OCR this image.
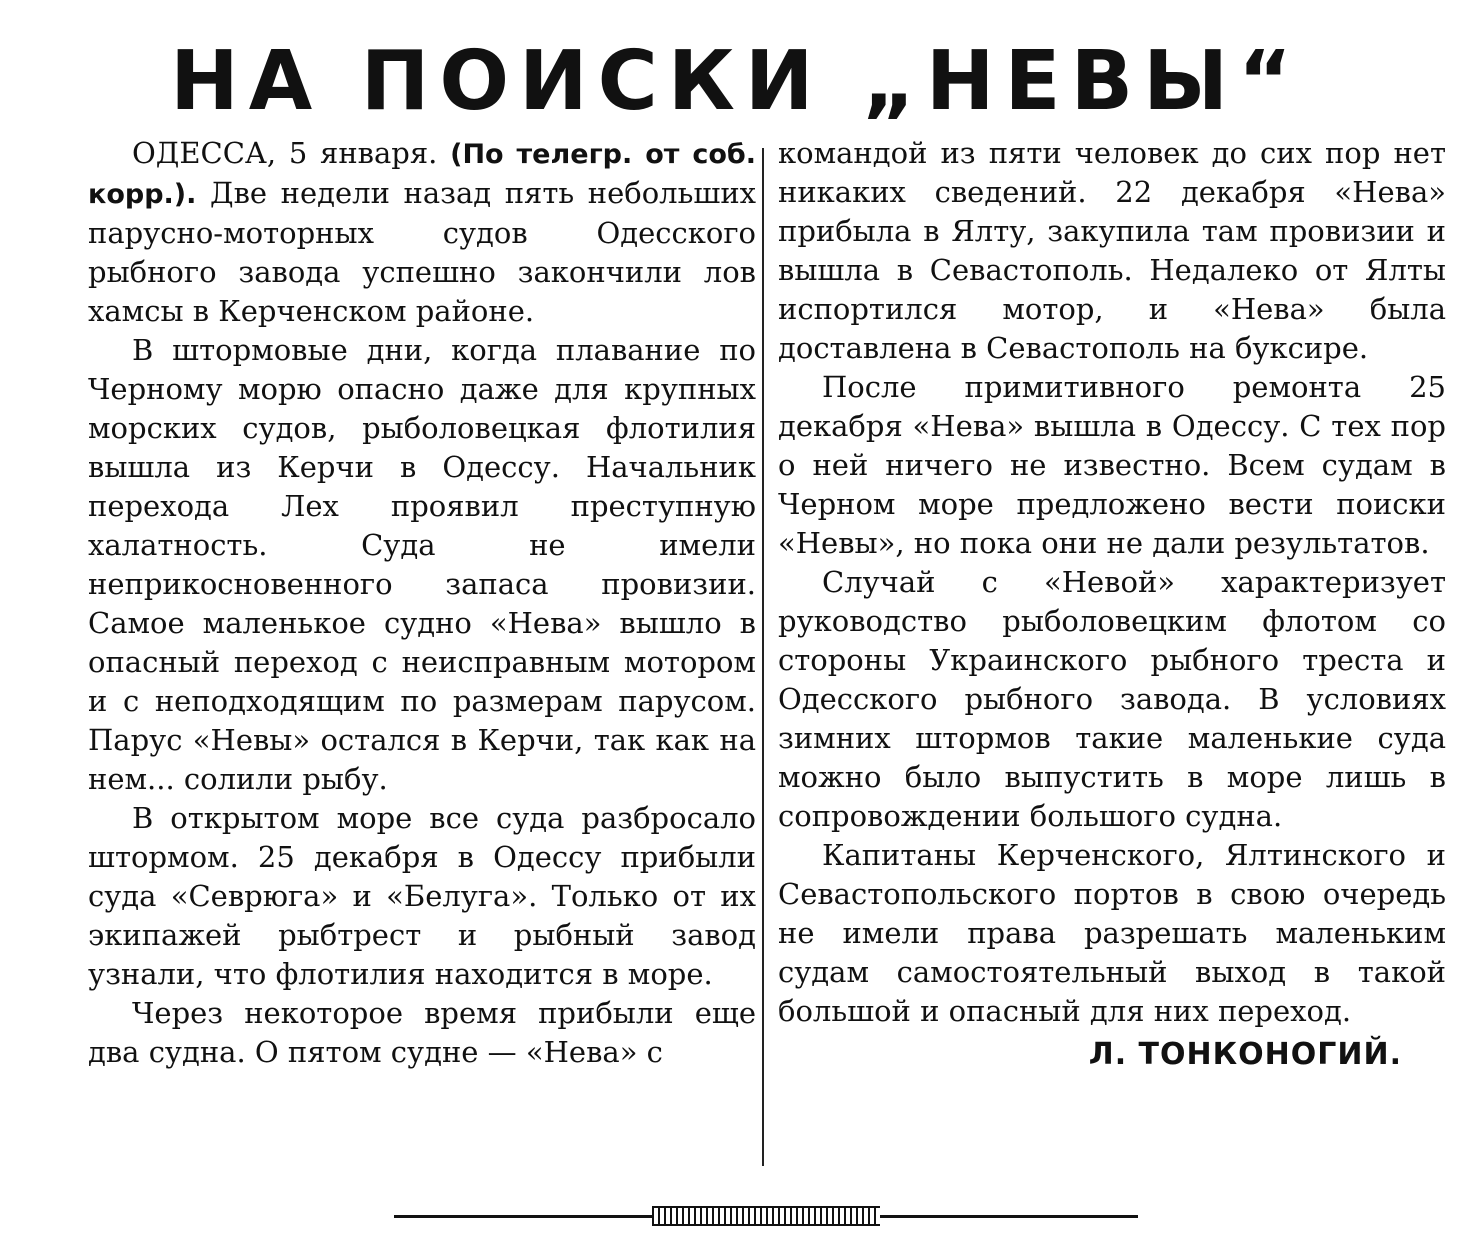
НА ПОИСКИ „НЕВЫ“

ОДЕССА, 5 января. (По телегр. от соб. корр.). Две недели назад пять небольших парусно-моторных судов Одесского рыбного завода успешно закончили лов хамсы в Керченском районе.

В штормовые дни, когда плавание по Черному морю опасно даже для крупных морских судов, рыболовецкая флотилия вышла из Керчи в Одессу. Начальник перехода Лех проявил преступную халатность. Суда не имели неприкосновенного запаса провизии. Самое маленькое судно «Нева» вышло в опасный переход с неисправным мотором и с неподходящим по размерам парусом. Парус «Невы» остался в Керчи, так как на нем... солили рыбу.

В открытом море все суда разбросало штормом. 25 декабря в Одессу прибыли суда «Севрюга» и «Белуга». Только от их экипажей рыбтрест и рыбный завод узнали, что флотилия находится в море.

Через некоторое время прибыли еще два судна. О пятом судне — «Нева» с

командой из пяти человек до сих пор нет никаких сведений. 22 декабря «Нева» прибыла в Ялту, закупила там провизии и вышла в Севастополь. Недалеко от Ялты испортился мотор, и «Нева» была доставлена в Севастополь на буксире.

После примитивного ремонта 25 декабря «Нева» вышла в Одессу. С тех пор о ней ничего не известно. Всем судам в Черном море предложено вести поиски «Невы», но пока они не дали результатов.

Случай с «Невой» характеризует руководство рыболовецким флотом со стороны Украинского рыбного треста и Одесского рыбного завода. В условиях зимних штормов такие маленькие суда можно было выпустить в море лишь в сопровождении большого судна.

Капитаны Керченского, Ялтинского и Севастопольского портов в свою очередь не имели права разрешать маленьким судам самостоятельный выход в такой большой и опасный для них переход.

Л. ТОНКОНОГИЙ.
